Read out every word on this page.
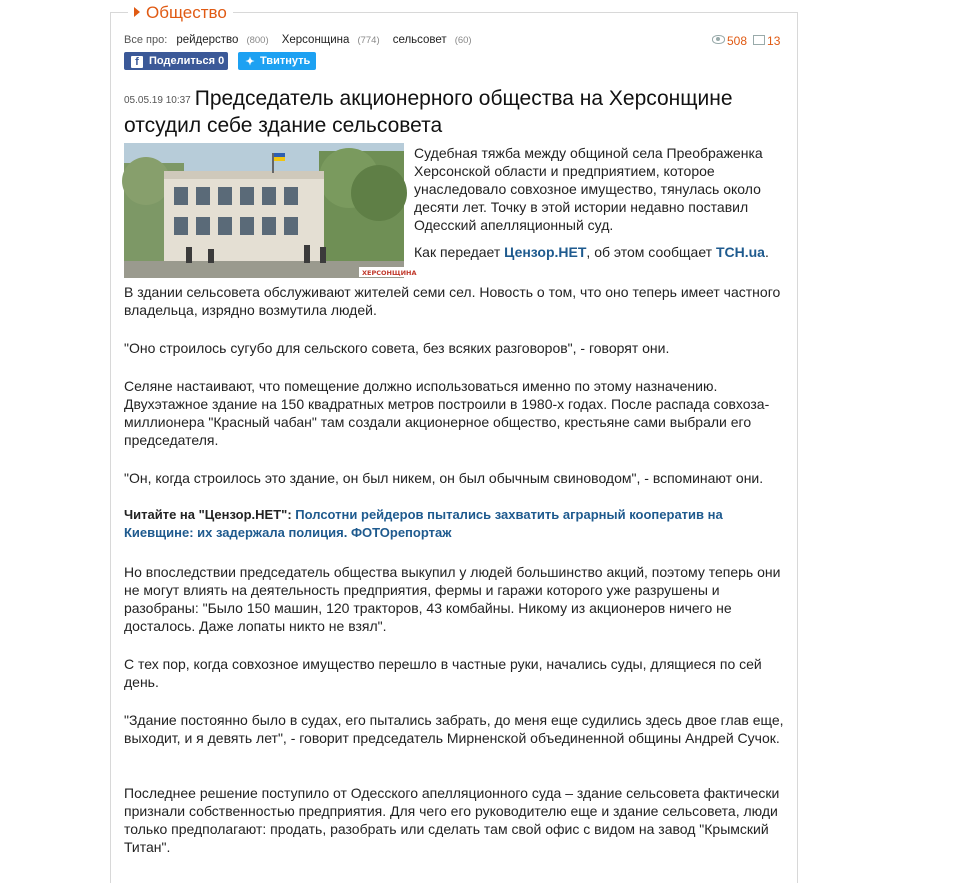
Общество
Все про: рейдерство (800) Херсонщина (774) сельсовет (60)	508 13
f Поделиться 0	✦ Твитнуть
05.05.19 10:37 Председатель акционерного общества на Херсонщине отсудил себе здание сельсовета
ХЕРСОНЩИНА

Судебная тяжба между общиной села Преображенка Херсонской области и предприятием, которое унаследовало совхозное имущество, тянулась около десяти лет. Точку в этой истории недавно поставил Одесский апелляционный суд.

Как передает Цензор.НЕТ, об этом сообщает TCH.ua.

В здании сельсовета обслуживают жителей семи сел. Новость о том, что оно теперь имеет частного владельца, изрядно возмутила людей.

"Оно строилось сугубо для сельского совета, без всяких разговоров", - говорят они.

Селяне настаивают, что помещение должно использоваться именно по этому назначению. Двухэтажное здание на 150 квадратных метров построили в 1980-х годах. После распада совхоза-миллионера "Красный чабан" там создали акционерное общество, крестьяне сами выбрали его председателя.

"Он, когда строилось это здание, он был никем, он был обычным свиноводом", - вспоминают они.

Читайте на "Цензор.НЕТ": Полсотни рейдеров пытались захватить аграрный кооператив на Киевщине: их задержала полиция. ФОТОрепортаж

Но впоследствии председатель общества выкупил у людей большинство акций, поэтому теперь они не могут влиять на деятельность предприятия, фермы и гаражи которого уже разрушены и разобраны: "Было 150 машин, 120 тракторов, 43 комбайны. Никому из акционеров ничего не досталось. Даже лопаты никто не взял".

С тех пор, когда совхозное имущество перешло в частные руки, начались суды, длящиеся по сей день.

"Здание постоянно было в судах, его пытались забрать, до меня еще судились здесь двое глав еще, выходит, и я девять лет", - говорит председатель Мирненской объединенной общины Андрей Сучок.

Последнее решение поступило от Одесского апелляционного суда – здание сельсовета фактически признали собственностью предприятия. Для чего его руководителю еще и здание сельсовета, люди только предполагают: продать, разобрать или сделать там свой офис с видом на завод "Крымский Титан".
